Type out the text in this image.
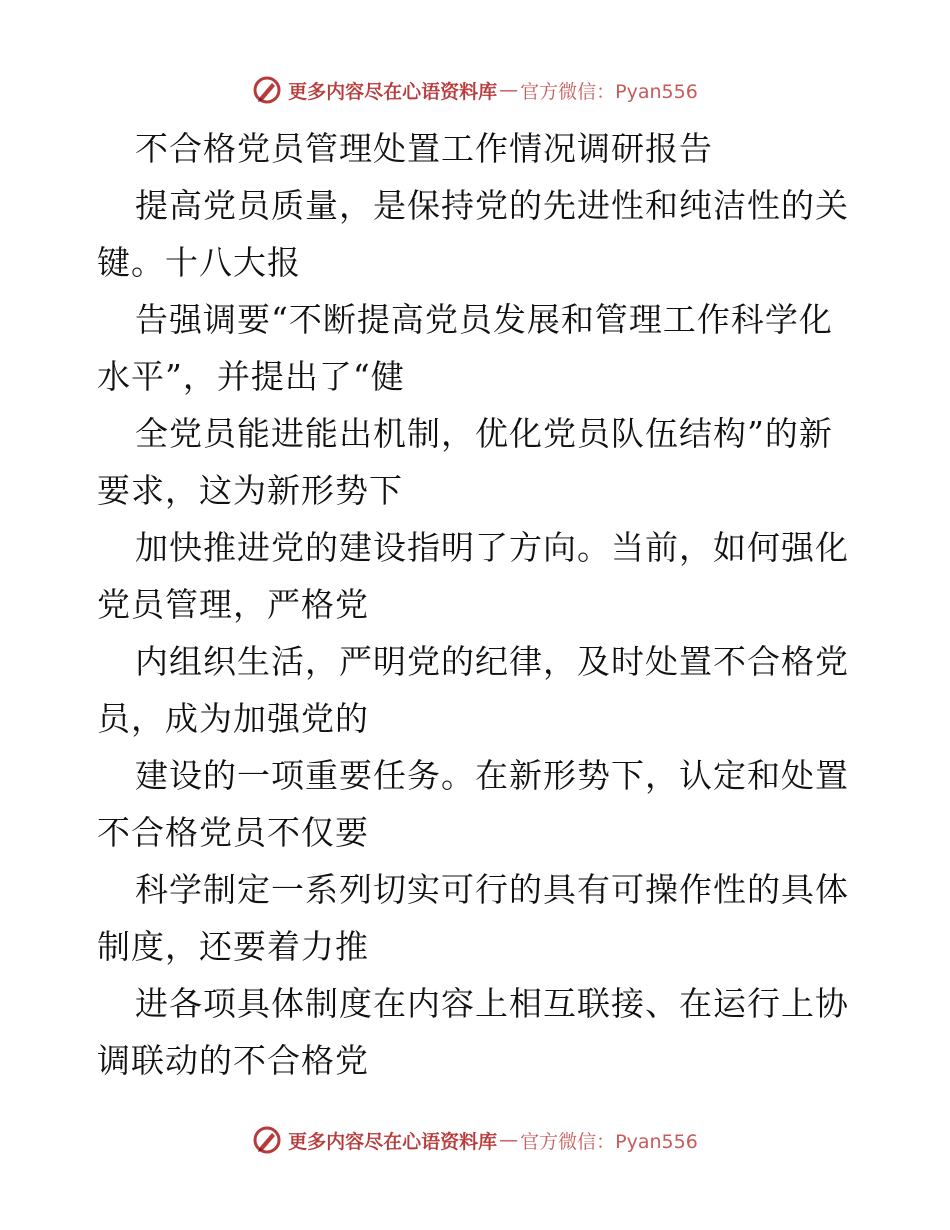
更多内容尽在心语资料库 — 官方微信：Pyan556
不合格党员管理处置工作情况调研报告
提高党员质量，是保持党的先进性和纯洁性的关
键。十八大报
告强调要“不断提高党员发展和管理工作科学化
水平”，并提出了“健
全党员能进能出机制，优化党员队伍结构”的新
要求，这为新形势下
加快推进党的建设指明了方向。当前，如何强化
党员管理，严格党
内组织生活，严明党的纪律，及时处置不合格党
员，成为加强党的
建设的一项重要任务。在新形势下，认定和处置
不合格党员不仅要
科学制定一系列切实可行的具有可操作性的具体
制度，还要着力推
进各项具体制度在内容上相互联接、在运行上协
调联动的不合格党
更多内容尽在心语资料库 — 官方微信：Pyan556
